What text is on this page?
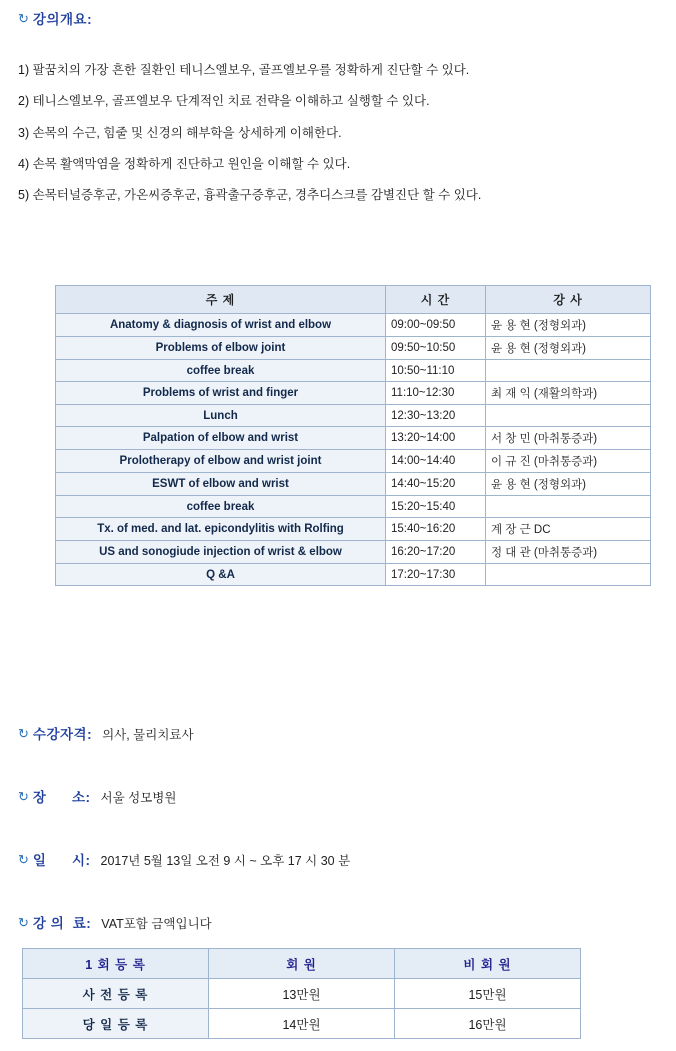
↻ 강의개요:
1) 팔꿈치의 가장 흔한 질환인 테니스엘보우, 골프엘보우를 정확하게 진단할 수 있다.
2) 테니스엘보우, 골프엘보우 단계적인 치료 전략을 이해하고 실행할 수 있다.
3) 손목의 수근, 힘줄 및 신경의 해부학을 상세하게 이해한다.
4) 손목 활액막염을 정확하게 진단하고 원인을 이해할 수 있다.
5) 손목터널증후군, 가온씨증후군, 흉곽출구증후군, 경추디스크를 감별진단 할 수 있다.
주 제	시 간	강 사
Anatomy & diagnosis of wrist and elbow	09:00~09:50	윤 용 현 (정형외과)
Problems of elbow joint	09:50~10:50	윤 용 현 (정형외과)
coffee break	10:50~11:10	
Problems of wrist and finger	11:10~12:30	최 재 익 (재활의학과)
Lunch	12:30~13:20	
Palpation of elbow and wrist	13:20~14:00	서 창 민 (마취통증과)
Prolotherapy of elbow and wrist joint	14:00~14:40	이 규 진 (마취통증과)
ESWT of elbow and wrist	14:40~15:20	윤 용 현 (정형외과)
coffee break	15:20~15:40	
Tx. of med. and lat. epicondylitis with Rolfing	15:40~16:20	계 장 근 DC
US and sonogiude injection of wrist & elbow	16:20~17:20	정 대 관 (마취통증과)
Q &A	17:20~17:30	
↻ 수강자격: 의사, 물리치료사
↻ 장      소: 서울 성모병원
↻ 일      시: 2017년 5월 13일 오전 9 시 ~ 오후 17 시 30 분
↻ 강 의  료: VAT포함 금액입니다
1 회 등 록	회 원	비 회 원
사 전 등 록	13만원	15만원
당 일 등 록	14만원	16만원
